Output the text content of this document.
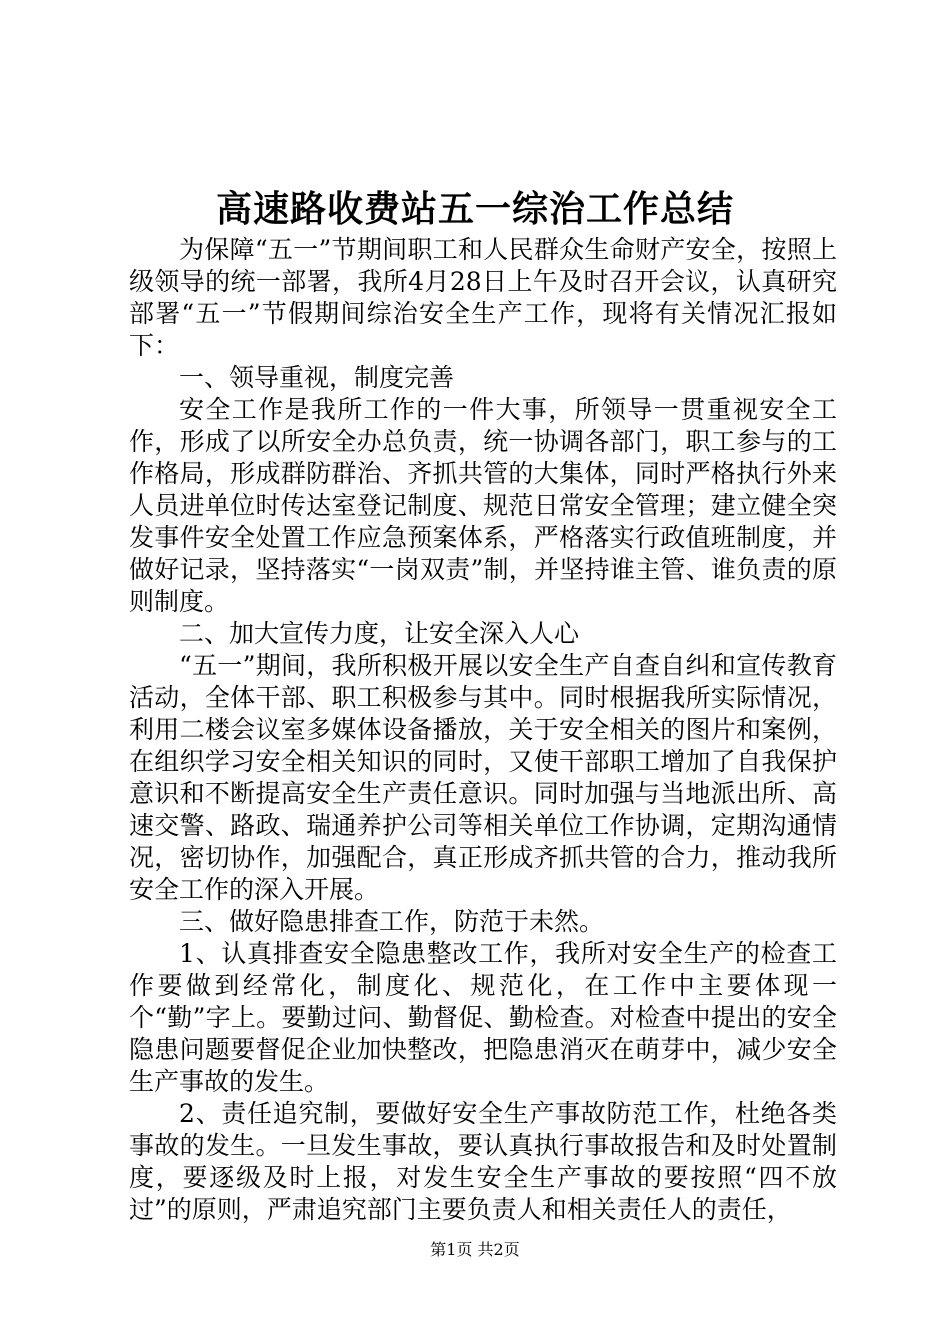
高速路收费站五一综治工作总结

为保障“五一”节期间职工和人民群众生命财产安全，按照上级领导的统一部署，我所4月28日上午及时召开会议，认真研究部署“五一”节假期间综治安全生产工作，现将有关情况汇报如下：

一、领导重视，制度完善

安全工作是我所工作的一件大事，所领导一贯重视安全工作，形成了以所安全办总负责，统一协调各部门，职工参与的工作格局，形成群防群治、齐抓共管的大集体，同时严格执行外来人员进单位时传达室登记制度、规范日常安全管理；建立健全突发事件安全处置工作应急预案体系，严格落实行政值班制度，并做好记录，坚持落实“一岗双责”制，并坚持谁主管、谁负责的原则制度。

二、加大宣传力度，让安全深入人心

“五一”期间，我所积极开展以安全生产自查自纠和宣传教育活动，全体干部、职工积极参与其中。同时根据我所实际情况，利用二楼会议室多媒体设备播放，关于安全相关的图片和案例，在组织学习安全相关知识的同时，又使干部职工增加了自我保护意识和不断提高安全生产责任意识。同时加强与当地派出所、高速交警、路政、瑞通养护公司等相关单位工作协调，定期沟通情况，密切协作，加强配合，真正形成齐抓共管的合力，推动我所安全工作的深入开展。

三、做好隐患排查工作，防范于未然。

1、认真排查安全隐患整改工作，我所对安全生产的检查工作要做到经常化，制度化、规范化，在工作中主要体现一个“勤”字上。要勤过问、勤督促、勤检查。对检查中提出的安全隐患问题要督促企业加快整改，把隐患消灭在萌芽中，减少安全生产事故的发生。

2、责任追究制，要做好安全生产事故防范工作，杜绝各类事故的发生。一旦发生事故，要认真执行事故报告和及时处置制度，要逐级及时上报，对发生安全生产事故的要按照“四不放过”的原则，严肃追究部门主要负责人和相关责任人的责任，

第1页 共2页
